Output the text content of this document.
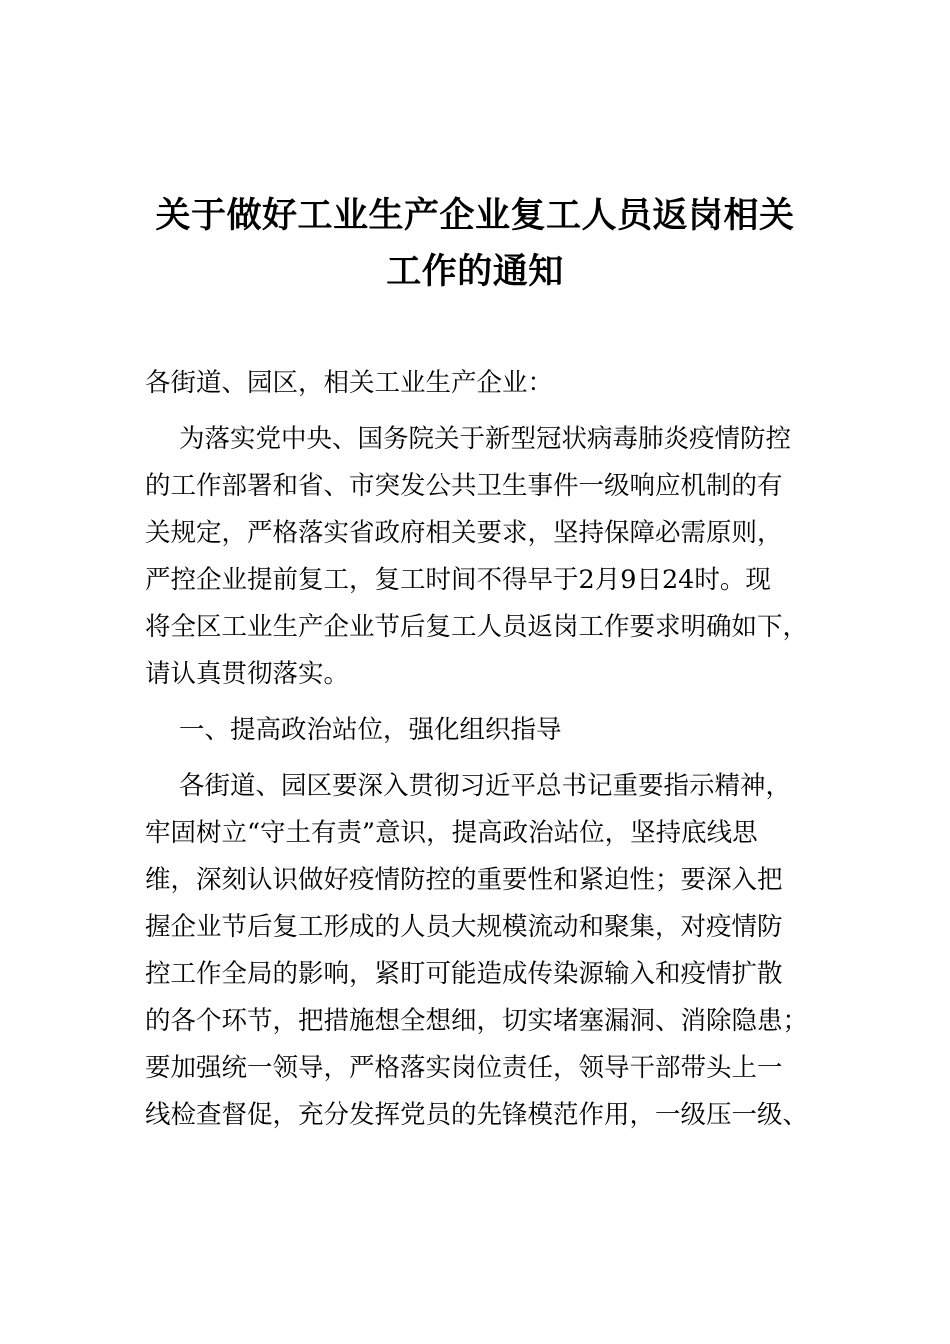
关于做好工业生产企业复工人员返岗相关
工作的通知
各街道、园区，相关工业生产企业：
为落实党中央、国务院关于新型冠状病毒肺炎疫情防控
的工作部署和省、市突发公共卫生事件一级响应机制的有
关规定，严格落实省政府相关要求，坚持保障必需原则，
严控企业提前复工，复工时间不得早于2月9日24时。现
将全区工业生产企业节后复工人员返岗工作要求明确如下，
请认真贯彻落实。
一、提高政治站位，强化组织指导
各街道、园区要深入贯彻习近平总书记重要指示精神，
牢固树立“守土有责”意识，提高政治站位，坚持底线思
维，深刻认识做好疫情防控的重要性和紧迫性；要深入把
握企业节后复工形成的人员大规模流动和聚集，对疫情防
控工作全局的影响，紧盯可能造成传染源输入和疫情扩散
的各个环节，把措施想全想细，切实堵塞漏洞、消除隐患；
要加强统一领导，严格落实岗位责任，领导干部带头上一
线检查督促，充分发挥党员的先锋模范作用，一级压一级、
